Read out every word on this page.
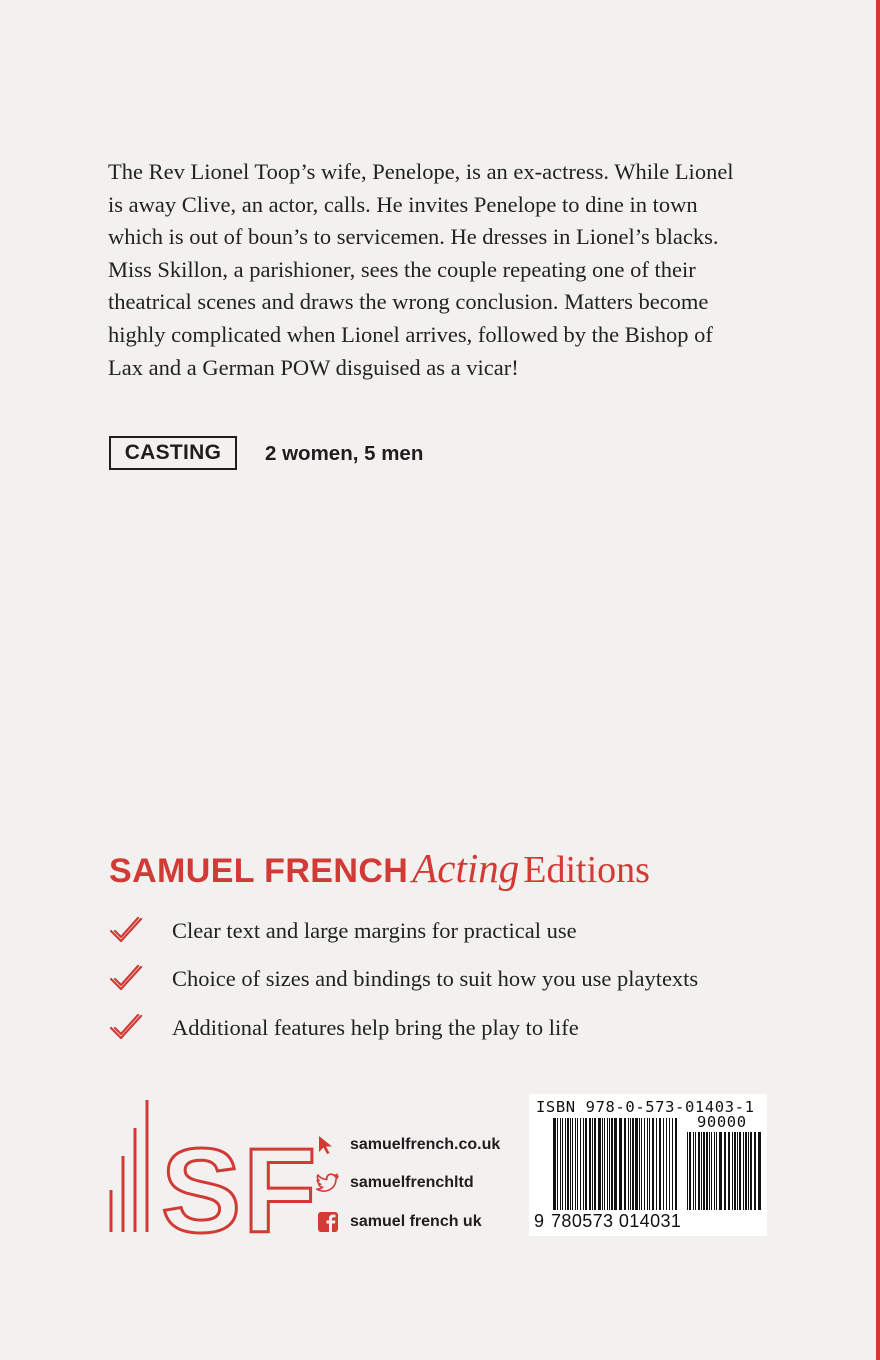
The Rev Lionel Toop’s wife, Penelope, is an ex-actress. While Lionel is away Clive, an actor, calls. He invites Penelope to dine in town which is out of boun’s to servicemen. He dresses in Lionel’s blacks. Miss Skillon, a parishioner, sees the couple repeating one of their theatrical scenes and draws the wrong conclusion. Matters become highly complicated when Lionel arrives, followed by the Bishop of Lax and a German POW disguised as a vicar!

CASTING	2 women, 5 men
SAMUEL FRENCHActing Editions
Clear text and large margins for practical use
Choice of sizes and bindings to suit how you use playtexts
Additional features help bring the play to life
SF samuelfrench.co.uk
samuelfrenchltd
samuel french uk
ISBN 978-0-573-01403-1
90000
9 780573 014031
